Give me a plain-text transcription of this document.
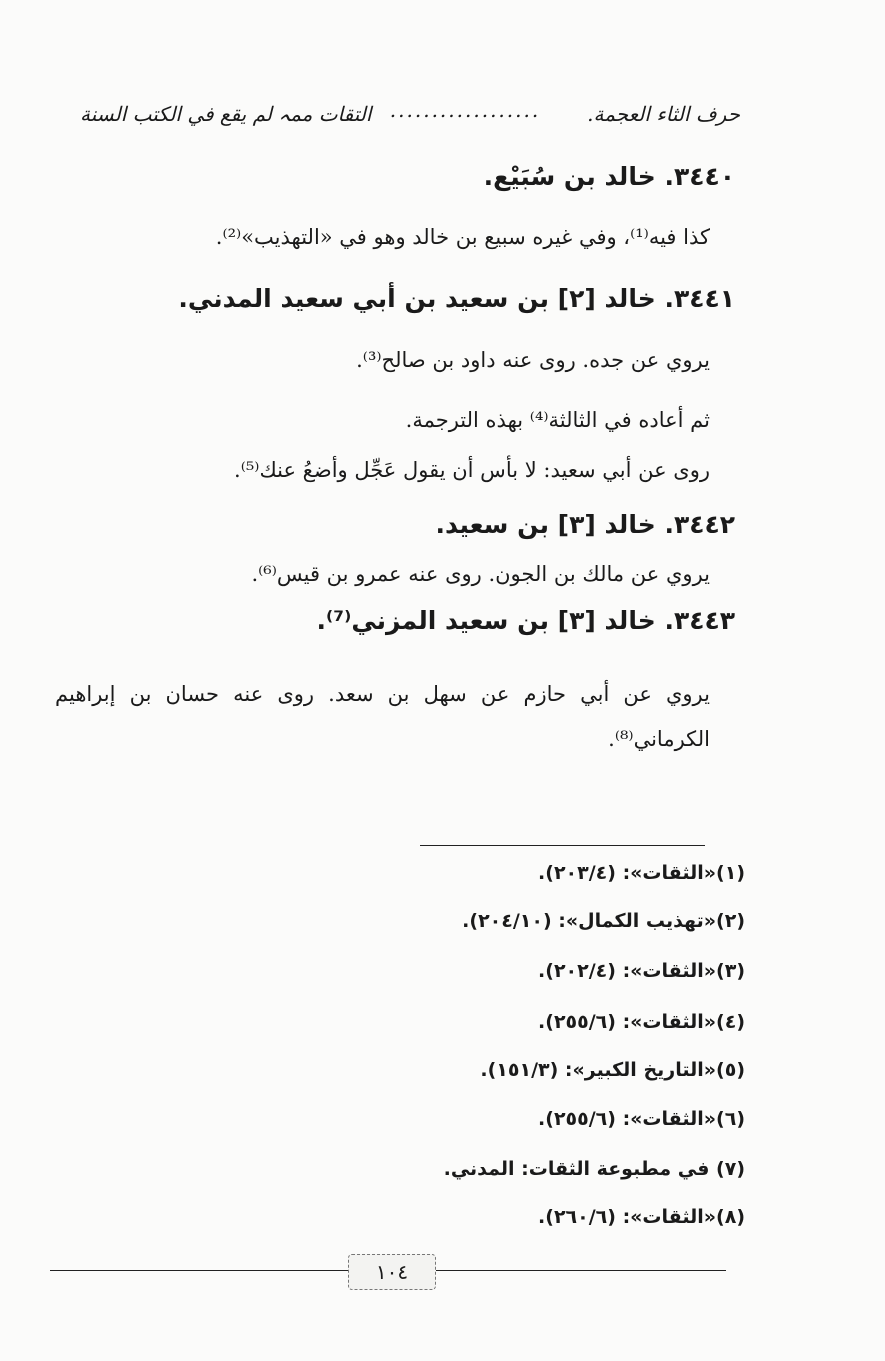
حرف الثاء العجمة.
..................
التقات ممہ لم یقع في الکتب السنة
٣٤٤٠. خالد بن سُبَيْع.
كذا فيه⁽¹⁾، وفي غيره سبيع بن خالد وهو في «التهذيب»⁽²⁾.
٣٤٤١. خالد [٢] بن سعيد بن أبي سعيد المدني.
يروي عن جده. روى عنه داود بن صالح⁽³⁾.
ثم أعاده في الثالثة⁽⁴⁾ بهذه الترجمة.
روى عن أبي سعيد: لا بأس أن يقول عَجِّل وأضعُ عنك⁽⁵⁾.
٣٤٤٢. خالد [٣] بن سعيد.
يروي عن مالك بن الجون. روى عنه عمرو بن قيس⁽⁶⁾.
٣٤٤٣. خالد [٣] بن سعيد المزني⁽⁷⁾.
يروي عن أبي حازم عن سهل بن سعد. روى عنه حسان بن إبراهيم الكرماني⁽⁸⁾.
(١)«الثقات»: (٢٠٣/٤).
(٢)«تهذيب الكمال»: (٢٠٤/١٠).
(٣)«الثقات»: (٢٠٢/٤).
(٤)«الثقات»: (٢٥٥/٦).
(٥)«التاريخ الكبير»: (١٥١/٣).
(٦)«الثقات»: (٢٥٥/٦).
(٧) في مطبوعة الثقات: المدني.
(٨)«الثقات»: (٢٦٠/٦).
١٠٤
